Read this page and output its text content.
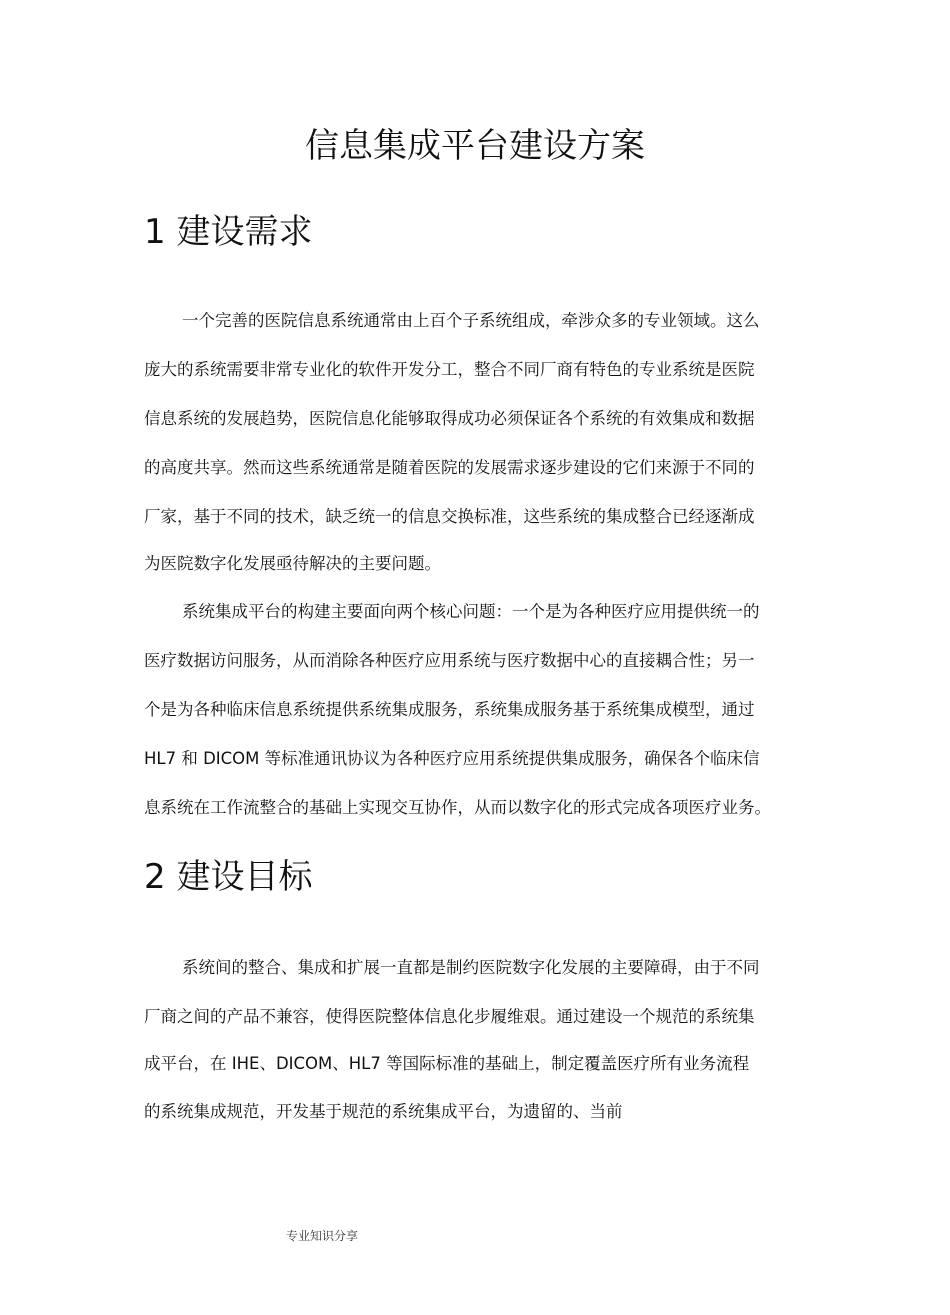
信息集成平台建设方案
1 建设需求

一个完善的医院信息系统通常由上百个子系统组成，牵涉众多的专业领域。这么

庞大的系统需要非常专业化的软件开发分工，整合不同厂商有特色的专业系统是医院

信息系统的发展趋势，医院信息化能够取得成功必须保证各个系统的有效集成和数据

的高度共享。然而这些系统通常是随着医院的发展需求逐步建设的它们来源于不同的

厂家，基于不同的技术，缺乏统一的信息交换标准，这些系统的集成整合已经逐渐成

为医院数字化发展亟待解决的主要问题。

系统集成平台的构建主要面向两个核心问题：一个是为各种医疗应用提供统一的

医疗数据访问服务，从而消除各种医疗应用系统与医疗数据中心的直接耦合性；另一

个是为各种临床信息系统提供系统集成服务，系统集成服务基于系统集成模型，通过

HL7 和 DICOM 等标准通讯协议为各种医疗应用系统提供集成服务，确保各个临床信

息系统在工作流整合的基础上实现交互协作，从而以数字化的形式完成各项医疗业务。

2 建设目标

系统间的整合、集成和扩展一直都是制约医院数字化发展的主要障碍，由于不同

厂商之间的产品不兼容，使得医院整体信息化步履维艰。通过建设一个规范的系统集

成平台，在 IHE、DICOM、HL7 等国际标准的基础上，制定覆盖医疗所有业务流程

的系统集成规范，开发基于规范的系统集成平台，为遗留的、当前

专业知识分享
